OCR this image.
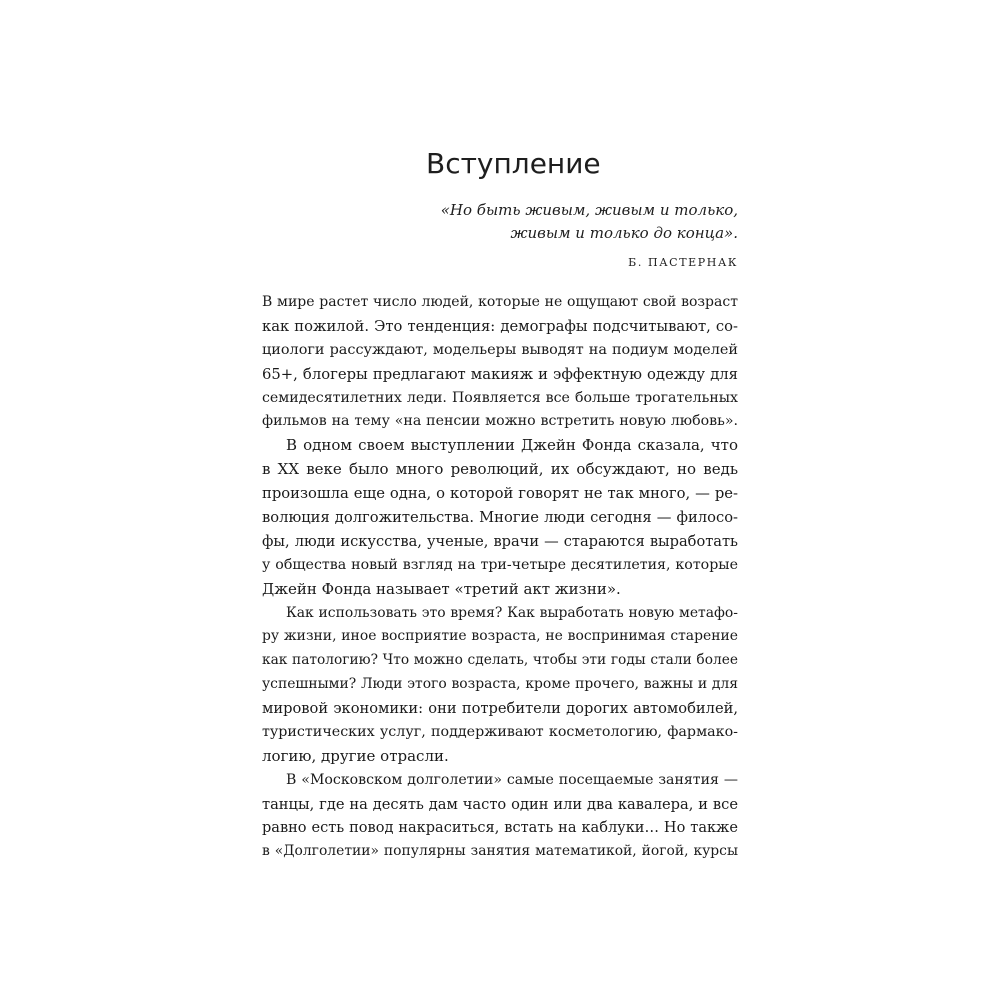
Вступление
«Но быть живым, живым и только,
живым и только до конца».
Б. ПАСТЕРНАК
В мире растет число людей, которые не ощущают свой возраст
как пожилой. Это тенденция: демографы подсчитывают, со-
циологи рассуждают, модельеры выводят на подиум моделей
65+, блогеры предлагают макияж и эффектную одежду для
семидесятилетних леди. Появляется все больше трогательных
фильмов на тему «на пенсии можно встретить новую любовь».
В одном своем выступлении Джейн Фонда сказала, что
в XX веке было много революций, их обсуждают, но ведь
произошла еще одна, о которой говорят не так много, — ре-
волюция долгожительства. Многие люди сегодня — филосо-
фы, люди искусства, ученые, врачи — стараются выработать
у общества новый взгляд на три-четыре десятилетия, которые
Джейн Фонда называет «третий акт жизни».
Как использовать это время? Как выработать новую метафо-
ру жизни, иное восприятие возраста, не воспринимая старение
как патологию? Что можно сделать, чтобы эти годы стали более
успешными? Люди этого возраста, кроме прочего, важны и для
мировой экономики: они потребители дорогих автомобилей,
туристических услуг, поддерживают косметологию, фармако-
логию, другие отрасли.
В «Московском долголетии» самые посещаемые занятия —
танцы, где на десять дам часто один или два кавалера, и все
равно есть повод накраситься, встать на каблуки… Но также
в «Долголетии» популярны занятия математикой, йогой, курсы
